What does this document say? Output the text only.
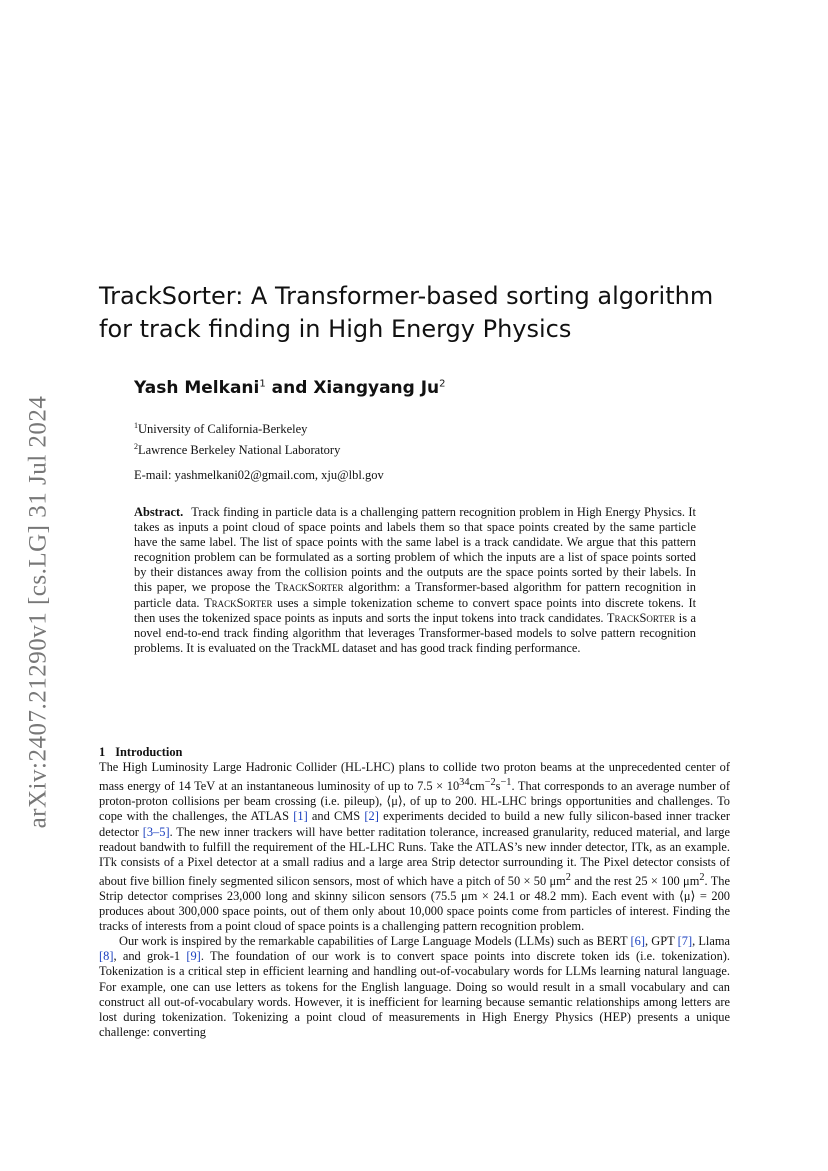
arXiv:2407.21290v1 [cs.LG] 31 Jul 2024
TrackSorter: A Transformer-based sorting algorithm
for track finding in High Energy Physics
Yash Melkani$^1$ and Xiangyang Ju$^2$
$^1$University of California-Berkeley
$^2$Lawrence Berkeley National Laboratory
E-mail: yashmelkani02@gmail.com, xju@lbl.gov
Abstract. Track finding in particle data is a challenging pattern recognition problem in High Energy Physics. It takes as inputs a point cloud of space points and labels them so that space points created by the same particle have the same label. The list of space points with the same label is a track candidate. We argue that this pattern recognition problem can be formulated as a sorting problem of which the inputs are a list of space points sorted by their distances away from the collision points and the outputs are the space points sorted by their labels. In this paper, we propose the TrackSorter algorithm: a Transformer-based algorithm for pattern recognition in particle data. TrackSorter uses a simple tokenization scheme to convert space points into discrete tokens. It then uses the tokenized space points as inputs and sorts the input tokens into track candidates. TrackSorter is a novel end-to-end track finding algorithm that leverages Transformer-based models to solve pattern recognition problems. It is evaluated on the TrackML dataset and has good track finding performance.
1 Introduction

The High Luminosity Large Hadronic Collider (HL-LHC) plans to collide two proton beams at the unprecedented center of mass energy of 14 TeV at an instantaneous luminosity of up to $7.5 \times 10^{34}cm^{-2}s^{-1}$. That corresponds to an average number of proton-proton collisions per beam crossing (i.e. pileup), ⟨μ⟩, of up to 200. HL-LHC brings opportunities and challenges. To cope with the challenges, the ATLAS [1] and CMS [2] experiments decided to build a new fully silicon-based inner tracker detector [3–5]. The new inner trackers will have better raditation tolerance, increased granularity, reduced material, and large readout bandwith to fulfill the requirement of the HL-LHC Runs. Take the ATLAS’s new innder detector, ITk, as an example. ITk consists of a Pixel detector at a small radius and a large area Strip detector surrounding it. The Pixel detector consists of about five billion finely segmented silicon sensors, most of which have a pitch of 50 × 50 $\mu m^2$ and the rest 25 × 100 $\mu m^2$. The Strip detector comprises 23,000 long and skinny silicon sensors (75.5 μm × 24.1 or 48.2 mm). Each event with ⟨μ⟩ = 200 produces about 300,000 space points, out of them only about 10,000 space points come from particles of interest. Finding the tracks of interests from a point cloud of space points is a challenging pattern recognition problem.

Our work is inspired by the remarkable capabilities of Large Language Models (LLMs) such as BERT [6], GPT [7], Llama [8], and grok-1 [9]. The foundation of our work is to convert space points into discrete token ids (i.e. tokenization). Tokenization is a critical step in efficient learning and handling out-of-vocabulary words for LLMs learning natural language. For example, one can use letters as tokens for the English language. Doing so would result in a small vocabulary and can construct all out-of-vocabulary words. However, it is inefficient for learning because semantic relationships among letters are lost during tokenization. Tokenizing a point cloud of measurements in High Energy Physics (HEP) presents a unique challenge: converting
